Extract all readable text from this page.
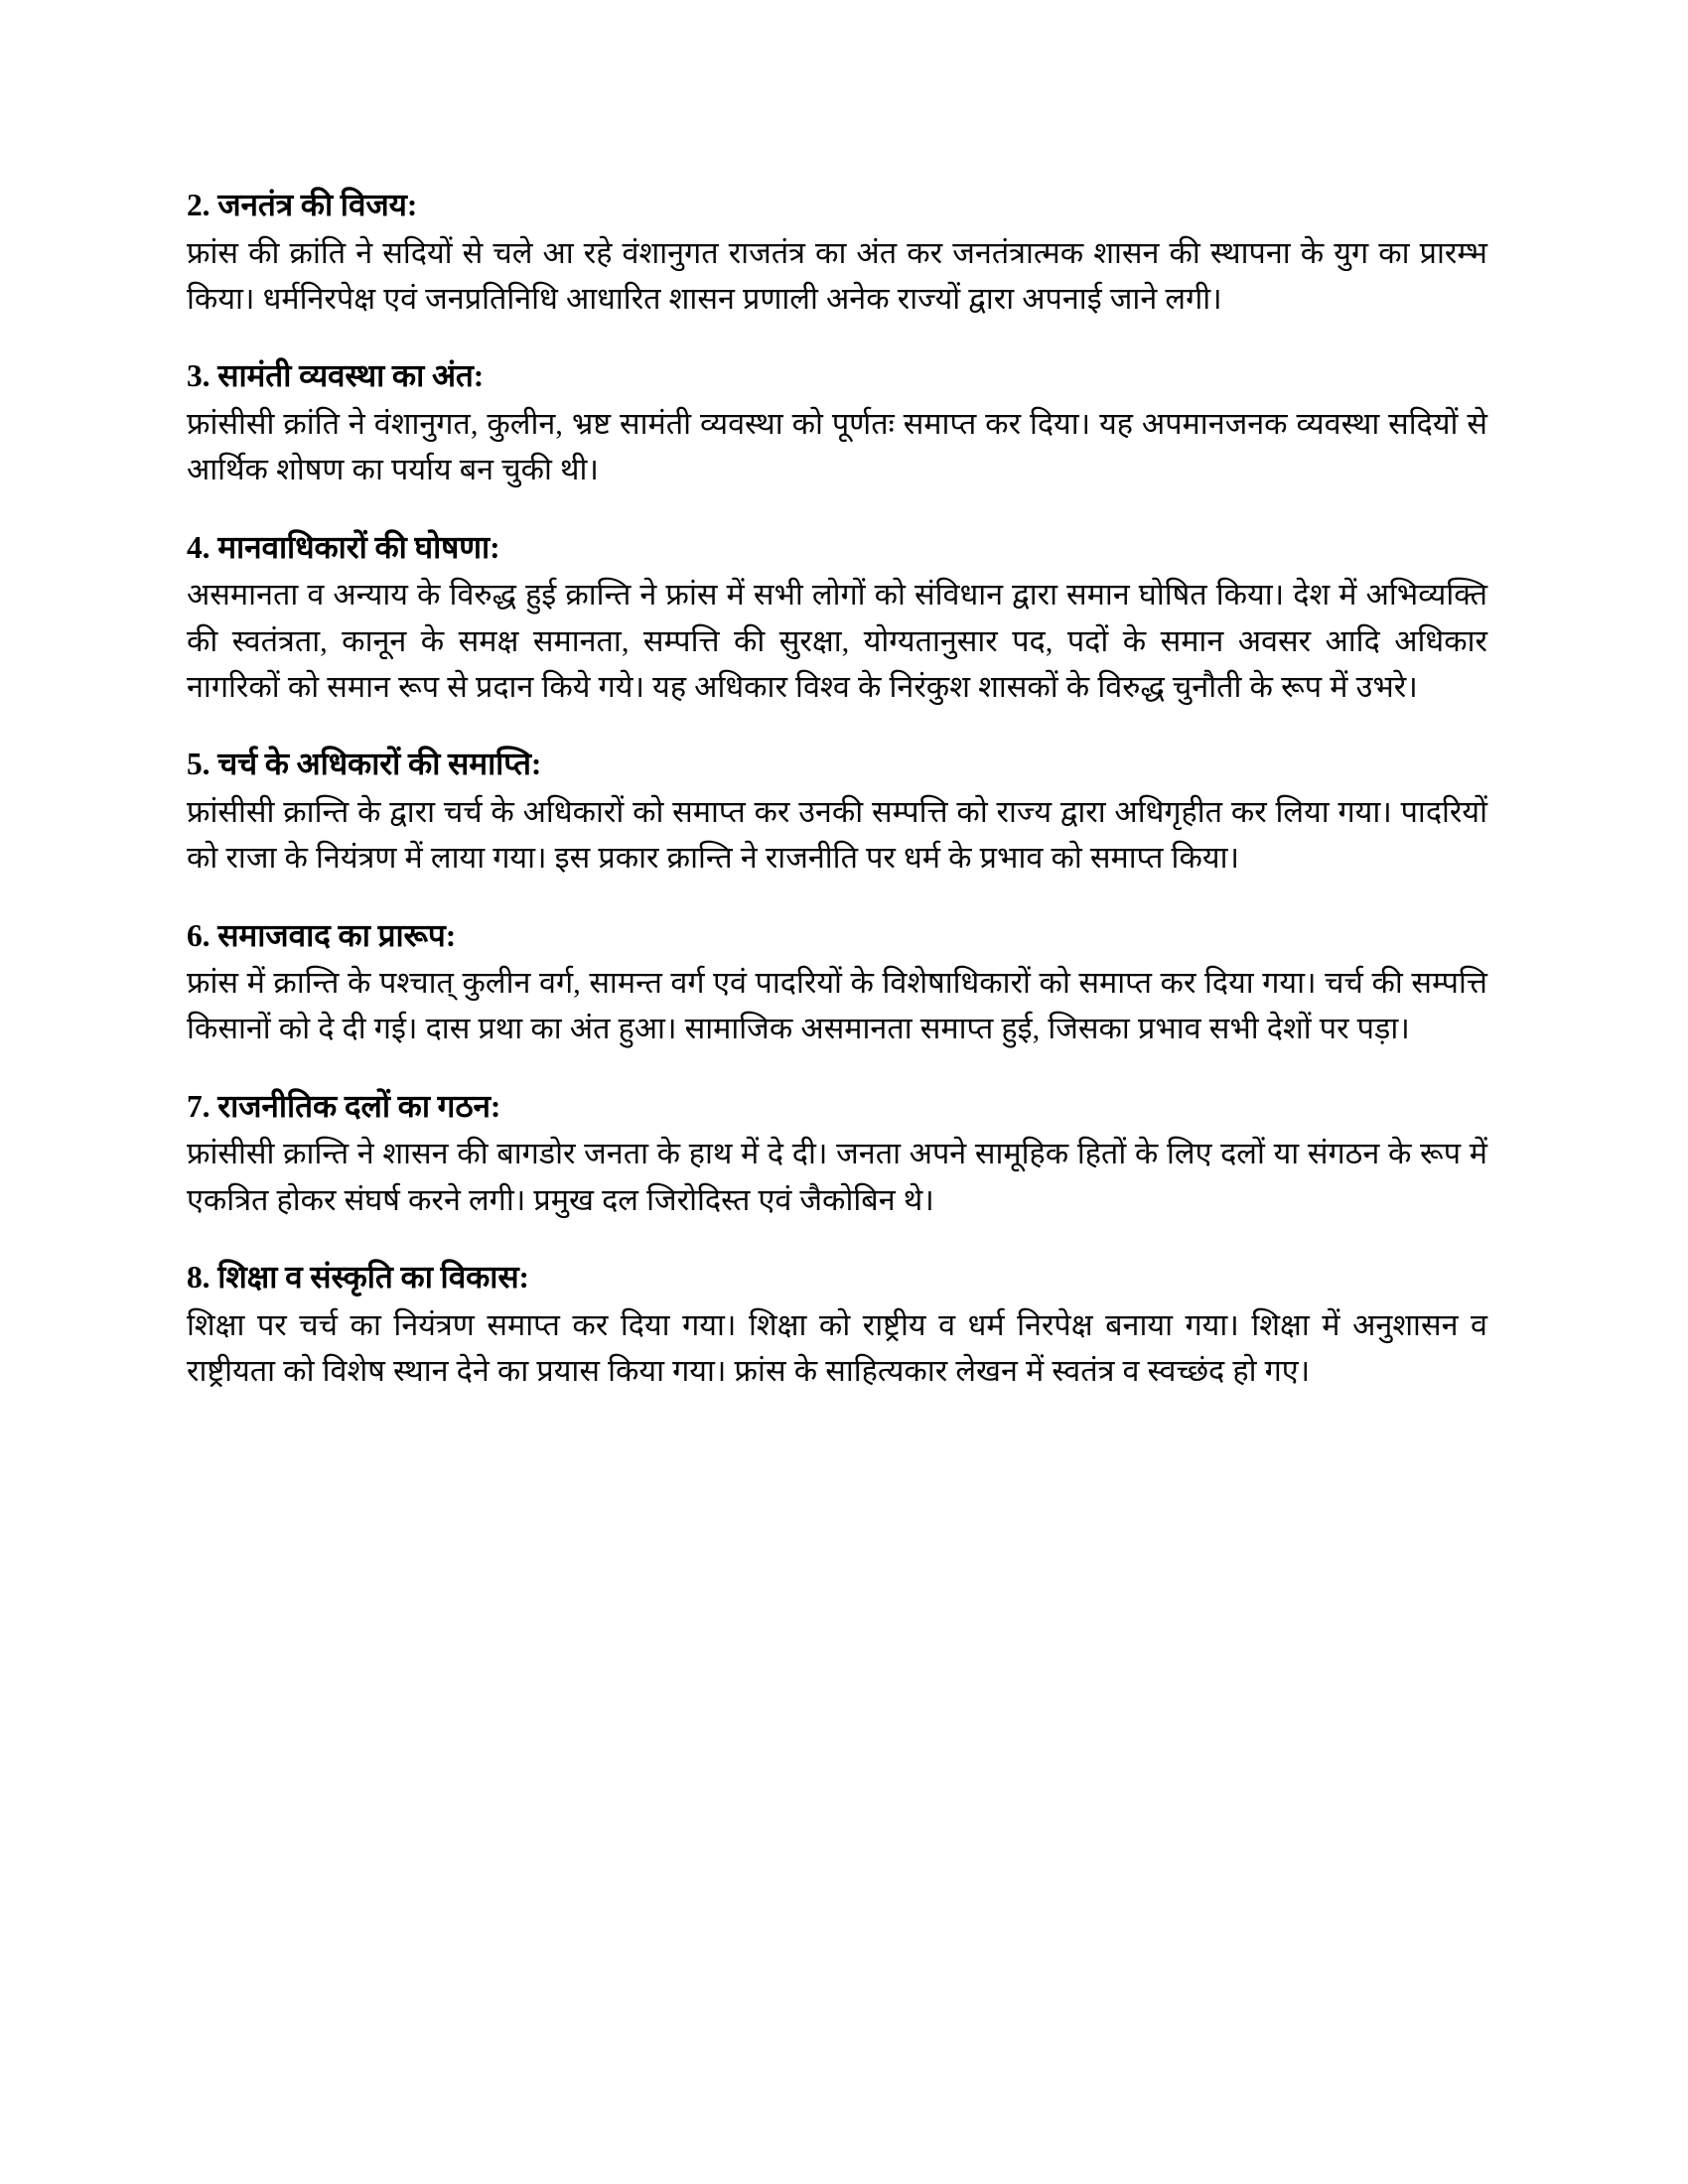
2. जनतंत्र की विजय:

फ्रांस की क्रांति ने सदियों से चले आ रहे वंशानुगत राजतंत्र का अंत कर जनतंत्रात्मक शासन की स्थापना के युग का प्रारम्भ किया। धर्मनिरपेक्ष एवं जनप्रतिनिधि आधारित शासन प्रणाली अनेक राज्यों द्वारा अपनाई जाने लगी।

3. सामंती व्यवस्था का अंत:

फ्रांसीसी क्रांति ने वंशानुगत, कुलीन, भ्रष्ट सामंती व्यवस्था को पूर्णतः समाप्त कर दिया। यह अपमानजनक व्यवस्था सदियों से आर्थिक शोषण का पर्याय बन चुकी थी।

4. मानवाधिकारों की घोषणा:

असमानता व अन्याय के विरुद्ध हुई क्रान्ति ने फ्रांस में सभी लोगों को संविधान द्वारा समान घोषित किया। देश में अभिव्यक्ति की स्वतंत्रता, कानून के समक्ष समानता, सम्पत्ति की सुरक्षा, योग्यतानुसार पद, पदों के समान अवसर आदि अधिकार नागरिकों को समान रूप से प्रदान किये गये। यह अधिकार विश्व के निरंकुश शासकों के विरुद्ध चुनौती के रूप में उभरे।

5. चर्च के अधिकारों की समाप्ति:

फ्रांसीसी क्रान्ति के द्वारा चर्च के अधिकारों को समाप्त कर उनकी सम्पत्ति को राज्य द्वारा अधिगृहीत कर लिया गया। पादरियों को राजा के नियंत्रण में लाया गया। इस प्रकार क्रान्ति ने राजनीति पर धर्म के प्रभाव को समाप्त किया।

6. समाजवाद का प्रारूप:

फ्रांस में क्रान्ति के पश्चात् कुलीन वर्ग, सामन्त वर्ग एवं पादरियों के विशेषाधिकारों को समाप्त कर दिया गया। चर्च की सम्पत्ति किसानों को दे दी गई। दास प्रथा का अंत हुआ। सामाजिक असमानता समाप्त हुई, जिसका प्रभाव सभी देशों पर पड़ा।

7. राजनीतिक दलों का गठन:

फ्रांसीसी क्रान्ति ने शासन की बागडोर जनता के हाथ में दे दी। जनता अपने सामूहिक हितों के लिए दलों या संगठन के रूप में एकत्रित होकर संघर्ष करने लगी। प्रमुख दल जिरोदिस्त एवं जैकोबिन थे।

8. शिक्षा व संस्कृति का विकास:

शिक्षा पर चर्च का नियंत्रण समाप्त कर दिया गया। शिक्षा को राष्ट्रीय व धर्म निरपेक्ष बनाया गया। शिक्षा में अनुशासन व राष्ट्रीयता को विशेष स्थान देने का प्रयास किया गया। फ्रांस के साहित्यकार लेखन में स्वतंत्र व स्वच्छंद हो गए।
